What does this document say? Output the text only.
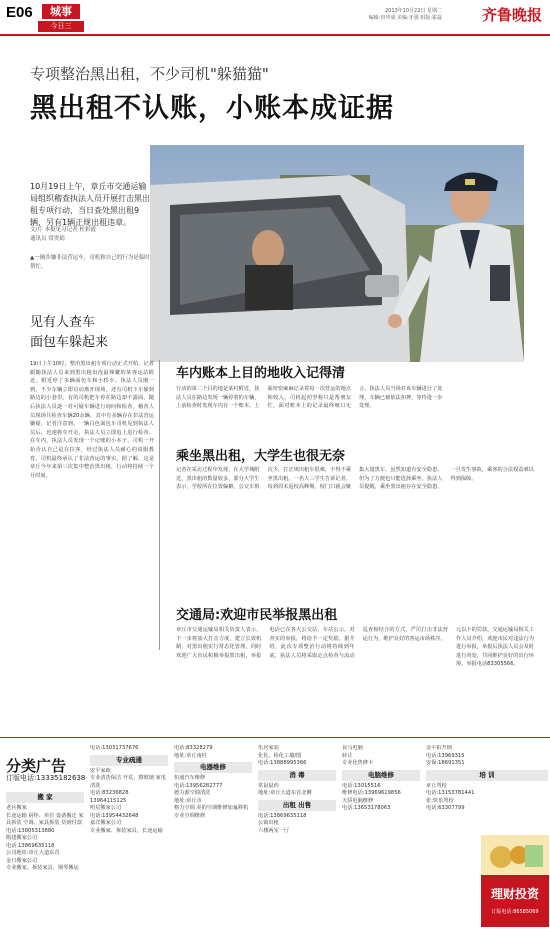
E06	城事
今日三
2013年10月22日 星期二
编辑:田华成 美编:牙强 组版:霍磊	齐鲁晚报
专项整治黑出租，不少司机"躲猫猫"
黑出租不认账，小账本成证据
10月19日上午，章丘市交通运输局组织稽查执法人员开展打击黑出租专项行动，当日查处黑出租9辆，另有1辆正规出租违章。
文/片 本报见习记者 杜彩霞
通讯员 常贵娟
▲一辆涉嫌非法营运车，司机称自己的行为是临时帮忙。
见有人查车
面包车躲起来
19日上午10时，整治黑出租专项行动正式开始。记者跟随执法人员来到黑出租出没最频繁的某客运站附近，附近停了多辆面包车和小轿车。执法人员刚一到，不少车辆立即启动离开现场，还有司机下车躲到路边的小巷里。有的司机把车停在路边却不露面，随后执法人员逐一对可疑车辆进行询问和检查。稽查人员现场共检查车辆20余辆，其中有多辆存在非法营运嫌疑。记者注意到，一辆白色面包车司机见到执法人员后，迅速将车开走，执法人员立即追上进行检查。在车内，执法人员发现一个记账的小本子，司机一开始否认自己是在拉客，经过执法人员耐心的说服教育，司机最终承认了非法营运的事实。据了解，这是章丘今年来第三次集中整治黑出租，行动将持续一个月时间。
车内账本上目的地收入记得清
行动的第二个目的地是某村附近，执法人员在路边发现一辆停着的车辆，上前检查时发现车内有一个账本，上面密密麻麻记录着每一次营运的地点和收入。司机起初坚称只是帮朋友忙，面对账本上的记录最终哑口无言。执法人员当场对该车辆进行了处理，车辆已被依法扣押，等待进一步处理。
乘坐黑出租，大学生也很无奈
记者在采访过程中发现，在大学城附近，黑出租的数量较多，部分大学生表示，学校所在位置偏僻，公交车班次少，打正规出租车很难，不得不乘坐黑出租。一名大三学生告诉记者，每到周末返校高峰期，校门口就会聚集大量黑车，虽然知道有安全隐患，但为了方便也只能选择乘坐。执法人员提醒，乘坐黑出租存在安全隐患，一旦发生事故，乘客的合法权益难以得到保障。
交通局:欢迎市民举报黑出租
章丘市交通运输局相关负责人表示，下一步将加大打击力度，建立长效机制，对黑出租实行常态化管理。同时欢迎广大市民积极举报黑出租，举报电话已在各大公交站、车站公示。对查实的举报，将给予一定奖励。据介绍，此次专项整治行动将持续到年底，执法人员将采取定点检查与流动巡查相结合的方式，严厉打击非法营运行为，维护良好的客运市场秩序。
元以下的罚款。交通运输局相关工作人员介绍，欢迎市民对违法行为进行举报，举报后执法人员会及时进行查处，共同维护良好的出行环境，举报电话83305566。
分类广告
订版电话:13335182638
搬 家
老兵搬家
长途运输 厨柜、单位 设备搬迁 家具拆装 空调、家具拆装 货到付款 电话:13805313880
隋建搬家公司
电话:13869635118
公司地址:章丘大道东首
金日搬家公司
专业搬家、拆装家具、钢琴搬运
电话:13031737676
专业疏通
安平家政
专业清洗保洁 开荒、擦玻璃 家电清洗
电话:83236828
13964115125
明星搬家公司
电话:13954432648
嘉洋搬家公司
专业搬家、拆装家具、长途运输
电话:83328279
地址:章丘南村
电器维修
恒通汽车维修
电话:13956282777
德力源空调清洗
地址:章丘市
格力空调 美的空调维修加氟移机
专业空调维修
乐居家装
化化、检化工墙/图
电话:13888995366
消 毒
常鼠鼠药
地址:章丘大道东首北侧
出租 出售
电话:13869635118
公寓出租
六楼两室一厅
良马电脑
转让
专业化售修卡
电脑维修
电话:13015516
维修电话:13969619856
天骄电脑维修
电话:13653178063
金平拍开锁
电话:13969315
安保:18691351
培 训
章丘驾校
电话:13153781441
张:快乐驾校
电话:63307799
理财投资
订版电话:86585069
